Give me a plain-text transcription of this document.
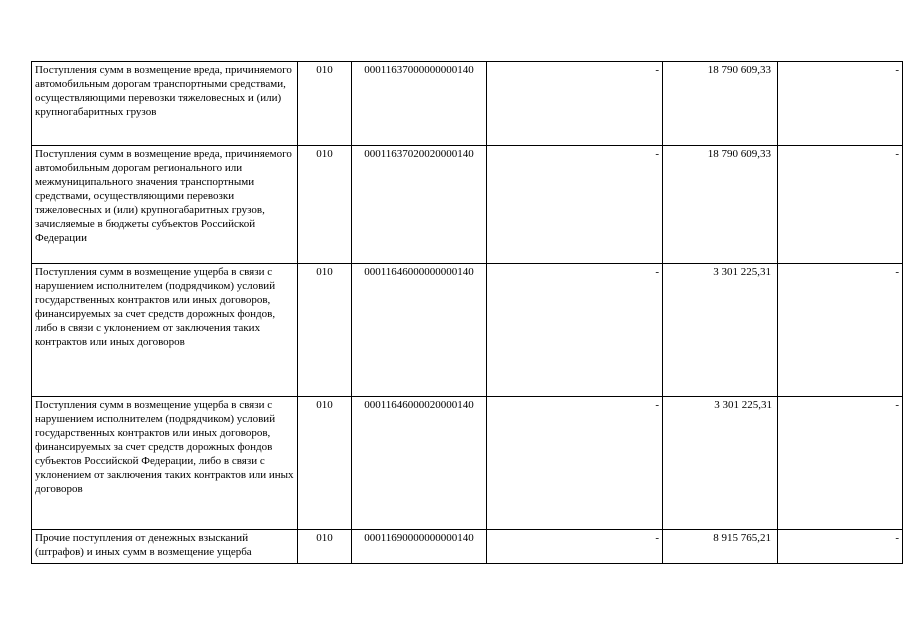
Поступления сумм в возмещение вреда, причиняемого автомобильным дорогам транспортными средствами, осуществляющими перевозки тяжеловесных и (или) крупногабаритных грузов	010	00011637000000000140	-	18 790 609,33	-
Поступления сумм в возмещение вреда, причиняемого автомобильным дорогам регионального или межмуниципального значения транспортными средствами, осуществляющими перевозки тяжеловесных и (или) крупногабаритных грузов, зачисляемые в бюджеты субъектов Российской Федерации	010	00011637020020000140	-	18 790 609,33	-
Поступления сумм в возмещение ущерба в связи с нарушением исполнителем (подрядчиком) условий государственных контрактов или иных договоров, финансируемых за счет средств дорожных фондов, либо в связи с уклонением от заключения таких контрактов или иных договоров	010	00011646000000000140	-	3 301 225,31	-
Поступления сумм в возмещение ущерба в связи с нарушением исполнителем (подрядчиком) условий государственных контрактов или иных договоров, финансируемых за счет средств дорожных фондов субъектов Российской Федерации, либо в связи с уклонением от заключения таких контрактов или иных договоров	010	00011646000020000140	-	3 301 225,31	-
Прочие поступления от денежных взысканий (штрафов) и иных сумм в возмещение ущерба	010	00011690000000000140	-	8 915 765,21	-
